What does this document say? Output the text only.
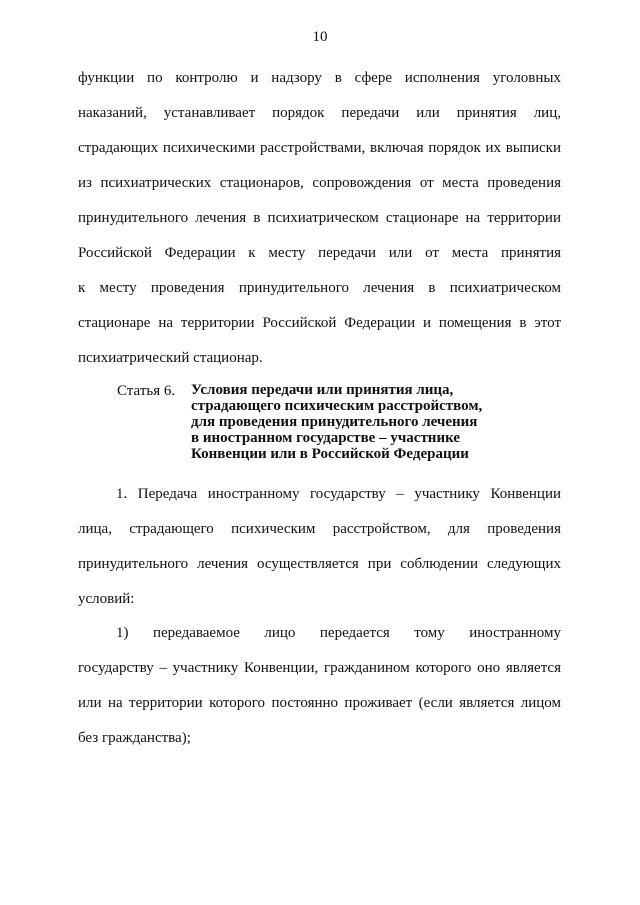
10
функции по контролю и надзору в сфере исполнения уголовных
наказаний, устанавливает порядок передачи или принятия лиц,
страдающих психическими расстройствами, включая порядок их выписки
из психиатрических стационаров, сопровождения от места проведения
принудительного лечения в психиатрическом стационаре на территории
Российской Федерации к месту передачи или от места принятия
к месту проведения принудительного лечения в психиатрическом
стационаре на территории Российской Федерации и помещения в этот
психиатрический стационар.
Статья 6. Условия передачи или принятия лица,
страдающего психическим расстройством,
для проведения принудительного лечения
в иностранном государстве – участнике
Конвенции или в Российской Федерации
1. Передача иностранному государству – участнику Конвенции
лица, страдающего психическим расстройством, для проведения
принудительного лечения осуществляется при соблюдении следующих
условий:
1) передаваемое лицо передается тому иностранному
государству – участнику Конвенции, гражданином которого оно является
или на территории которого постоянно проживает (если является лицом
без гражданства);
